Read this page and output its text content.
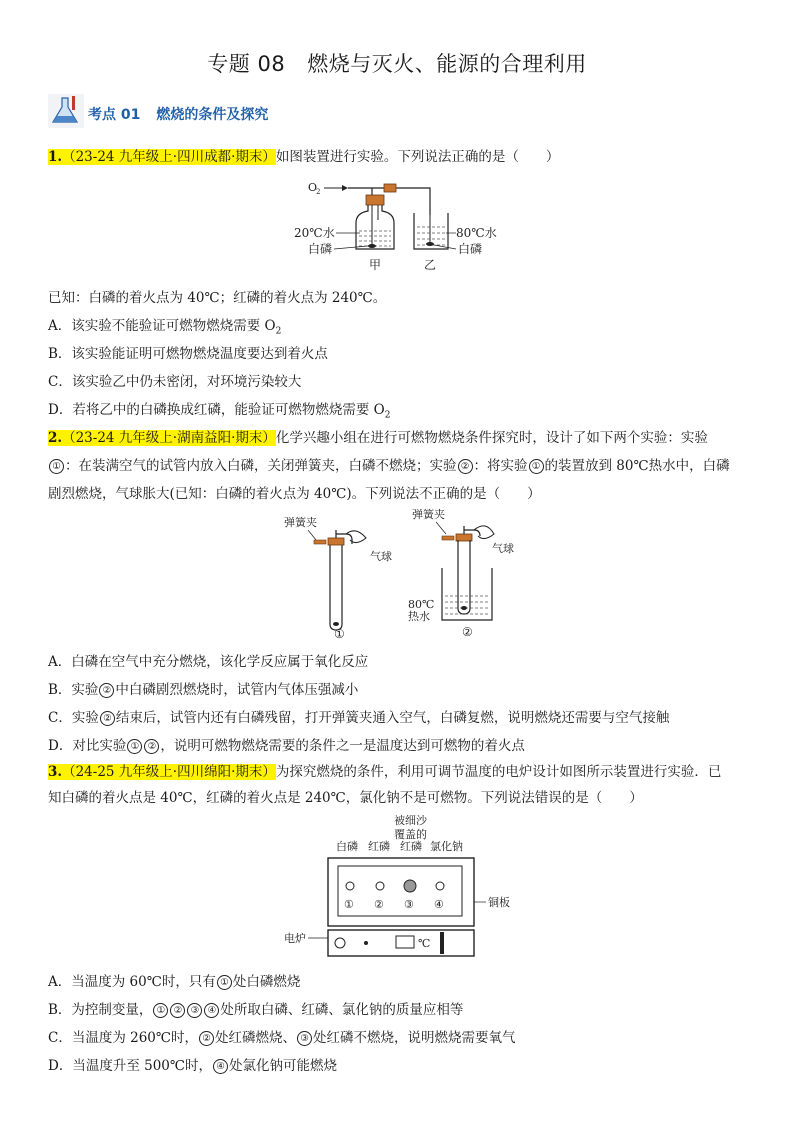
专题 08 燃烧与灭火、能源的合理利用
考点 01 燃烧的条件及探究
1.（23-24 九年级上·四川成都·期末）如图装置进行实验。下列说法正确的是（　　）
O
2
20℃水
白磷
80℃水
白磷
甲	乙
已知：白磷的着火点为 40℃；红磷的着火点为 240℃。
A．该实验不能验证可燃物燃烧需要 $O_2$
B．该实验能证明可燃物燃烧温度要达到着火点
C．该实验乙中仍未密闭，对环境污染较大
D．若将乙中的白磷换成红磷，能验证可燃物燃烧需要 $O_2$
2.（23-24 九年级上·湖南益阳·期末）化学兴趣小组在进行可燃物燃烧条件探究时，设计了如下两个实验：实验
① ：在装满空气的试管内放入白磷，关闭弹簧夹，白磷不燃烧；实验 ② ：将实验 ① 的装置放到 80℃热水中，白磷
剧烈燃烧，气球胀大(已知：白磷的着火点为 40℃)。下列说法不正确的是（　　）
弹簧夹
气球
①
弹簧夹
气球
80℃
热水
②
A．白磷在空气中充分燃烧，该化学反应属于氧化反应
B．实验 ② 中白磷剧烈燃烧时，试管内气体压强减小
C．实验 ② 结束后，试管内还有白磷残留，打开弹簧夹通入空气，白磷复燃，说明燃烧还需要与空气接触
D．对比实验 ① ② ，说明可燃物燃烧需要的条件之一是温度达到可燃物的着火点
3.（24-25 九年级上·四川绵阳·期末）为探究燃烧的条件，利用可调节温度的电炉设计如图所示装置进行实验．已
知白磷的着火点是 40℃，红磷的着火点是 240℃，氯化钠不是可燃物。下列说法错误的是（　　）
被细沙
覆盖的
白磷 红磷 红磷 氯化钠
① ② ③ ④	铜板
电炉	℃
A．当温度为 60℃时，只有 ① 处白磷燃烧
B．为控制变量， ① ② ③ ④ 处所取白磷、红磷、氯化钠的质量应相等
C．当温度为 260℃时， ② 处红磷燃烧、 ③ 处红磷不燃烧，说明燃烧需要氧气
D．当温度升至 500℃时， ④ 处氯化钠可能燃烧
